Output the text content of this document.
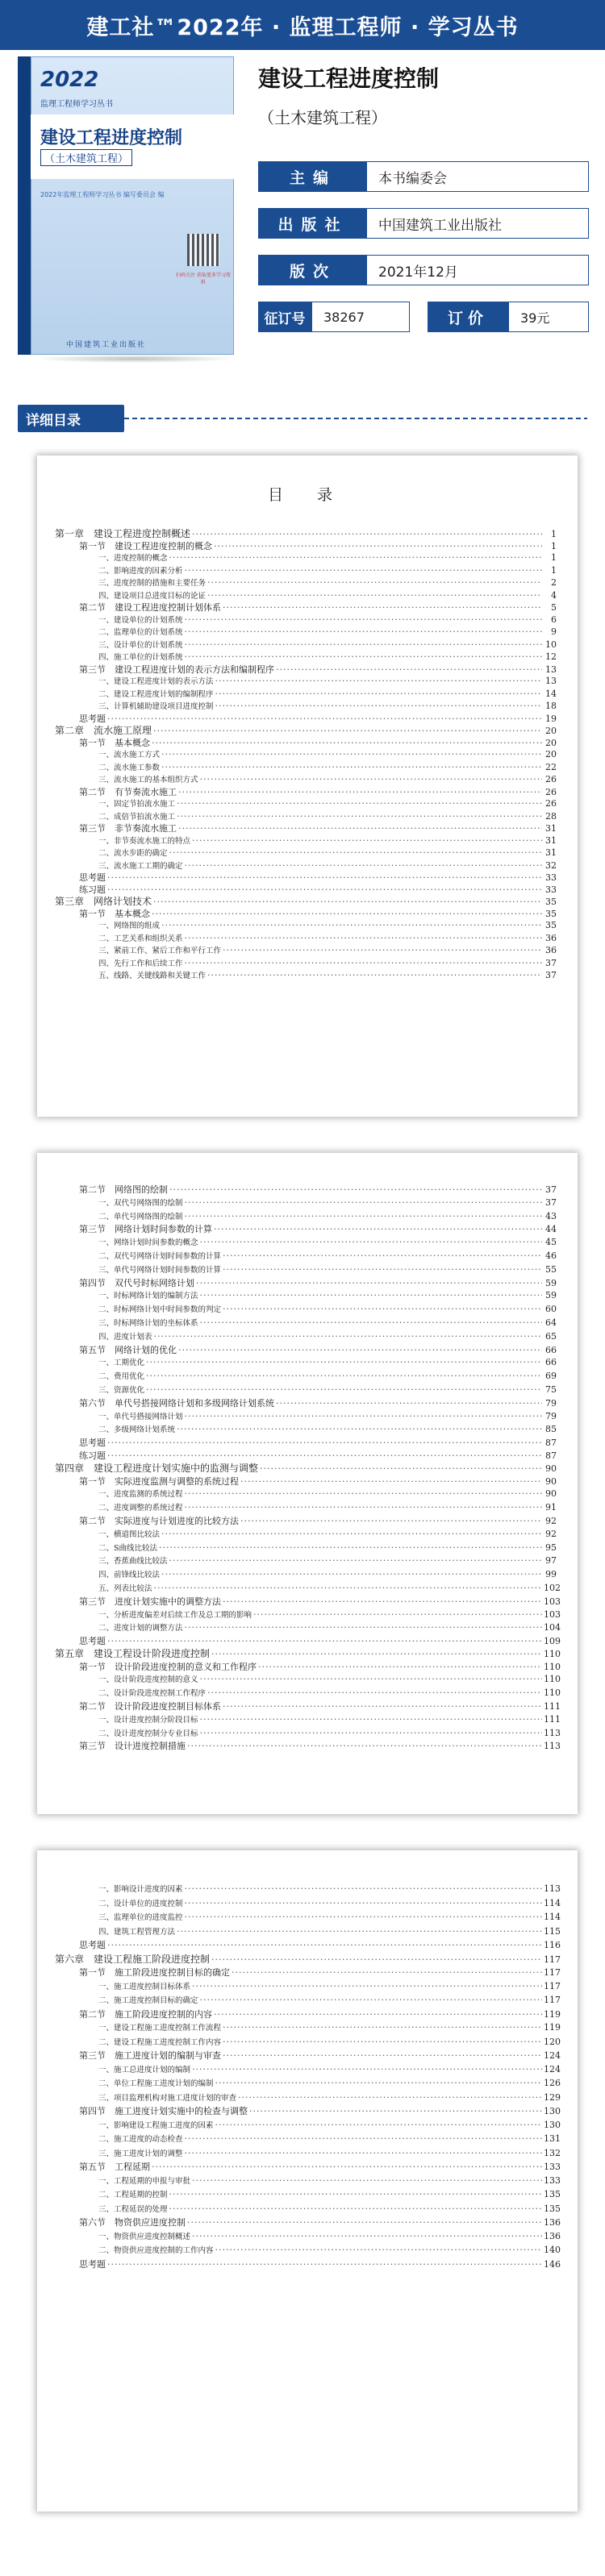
建工社™2022年 · 监理工程师 · 学习丛书
2022
监理工程师学习丛书
建设工程进度控制
（土木建筑工程）
2022年监理工程师学习丛书 编写委员会 编
扫码关注 获取更多学习资料
中国建筑工业出版社
建设工程进度控制
（土木建筑工程）
主编	本书编委会
出版社	中国建筑工业出版社
版次	2021年12月
征订号	38267	订价	39元
详细目录
目 录
第一章　建设工程进度控制概述 ·····	1
第一节　建设工程进度控制的概念 ·····	1
一、进度控制的概念 ·····	1
二、影响进度的因素分析 ·····	1
三、进度控制的措施和主要任务 ·····	2
四、建设项目总进度目标的论证 ·····	4
第二节　建设工程进度控制计划体系 ·····	5
一、建设单位的计划系统 ·····	6
二、监理单位的计划系统 ·····	9
三、设计单位的计划系统 ·····	10
四、施工单位的计划系统 ·····	12
第三节　建设工程进度计划的表示方法和编制程序 ·····	13
一、建设工程进度计划的表示方法 ·····	13
二、建设工程进度计划的编制程序 ·····	14
三、计算机辅助建设项目进度控制 ·····	18
思考题 ·····	19
第二章　流水施工原理 ·····	20
第一节　基本概念 ·····	20
一、流水施工方式 ·····	20
二、流水施工参数 ·····	22
三、流水施工的基本组织方式 ·····	26
第二节　有节奏流水施工 ·····	26
一、固定节拍流水施工 ·····	26
二、成倍节拍流水施工 ·····	28
第三节　非节奏流水施工 ·····	31
一、非节奏流水施工的特点 ·····	31
二、流水步距的确定 ·····	31
三、流水施工工期的确定 ·····	32
思考题 ·····	33
练习题 ·····	33
第三章　网络计划技术 ·····	35
第一节　基本概念 ·····	35
一、网络图的组成 ·····	35
二、工艺关系和组织关系 ·····	36
三、紧前工作、紧后工作和平行工作 ·····	36
四、先行工作和后续工作 ·····	37
五、线路、关键线路和关键工作 ·····	37
第二节　网络图的绘制 ·····	37
一、双代号网络图的绘制 ·····	37
二、单代号网络图的绘制 ·····	43
第三节　网络计划时间参数的计算 ·····	44
一、网络计划时间参数的概念 ·····	45
二、双代号网络计划时间参数的计算 ·····	46
三、单代号网络计划时间参数的计算 ·····	55
第四节　双代号时标网络计划 ·····	59
一、时标网络计划的编制方法 ·····	59
二、时标网络计划中时间参数的判定 ·····	60
三、时标网络计划的坐标体系 ·····	64
四、进度计划表 ·····	65
第五节　网络计划的优化 ·····	66
一、工期优化 ·····	66
二、费用优化 ·····	69
三、资源优化 ·····	75
第六节　单代号搭接网络计划和多级网络计划系统 ·····	79
一、单代号搭接网络计划 ·····	79
二、多级网络计划系统 ·····	85
思考题 ·····	87
练习题 ·····	87
第四章　建设工程进度计划实施中的监测与调整 ·····	90
第一节　实际进度监测与调整的系统过程 ·····	90
一、进度监测的系统过程 ·····	90
二、进度调整的系统过程 ·····	91
第二节　实际进度与计划进度的比较方法 ·····	92
一、横道图比较法 ·····	92
二、S曲线比较法 ·····	95
三、香蕉曲线比较法 ·····	97
四、前锋线比较法 ·····	99
五、列表比较法 ·····	102
第三节　进度计划实施中的调整方法 ·····	103
一、分析进度偏差对后续工作及总工期的影响 ·····	103
二、进度计划的调整方法 ·····	104
思考题 ·····	109
第五章　建设工程设计阶段进度控制 ·····	110
第一节　设计阶段进度控制的意义和工作程序 ·····	110
一、设计阶段进度控制的意义 ·····	110
二、设计阶段进度控制工作程序 ·····	110
第二节　设计阶段进度控制目标体系 ·····	111
一、设计进度控制分阶段目标 ·····	111
二、设计进度控制分专业目标 ·····	113
第三节　设计进度控制措施 ·····	113
一、影响设计进度的因素 ·····	113
二、设计单位的进度控制 ·····	114
三、监理单位的进度监控 ·····	114
四、建筑工程管理方法 ·····	115
思考题 ·····	116
第六章　建设工程施工阶段进度控制 ·····	117
第一节　施工阶段进度控制目标的确定 ·····	117
一、施工进度控制目标体系 ·····	117
二、施工进度控制目标的确定 ·····	117
第二节　施工阶段进度控制的内容 ·····	119
一、建设工程施工进度控制工作流程 ·····	119
二、建设工程施工进度控制工作内容 ·····	120
第三节　施工进度计划的编制与审查 ·····	124
一、施工总进度计划的编制 ·····	124
二、单位工程施工进度计划的编制 ·····	126
三、项目监理机构对施工进度计划的审查 ·····	129
第四节　施工进度计划实施中的检查与调整 ·····	130
一、影响建设工程施工进度的因素 ·····	130
二、施工进度的动态检查 ·····	131
三、施工进度计划的调整 ·····	132
第五节　工程延期 ·····	133
一、工程延期的申报与审批 ·····	133
二、工程延期的控制 ·····	135
三、工程延误的处理 ·····	135
第六节　物资供应进度控制 ·····	136
一、物资供应进度控制概述 ·····	136
二、物资供应进度控制的工作内容 ·····	140
思考题 ·····	146
